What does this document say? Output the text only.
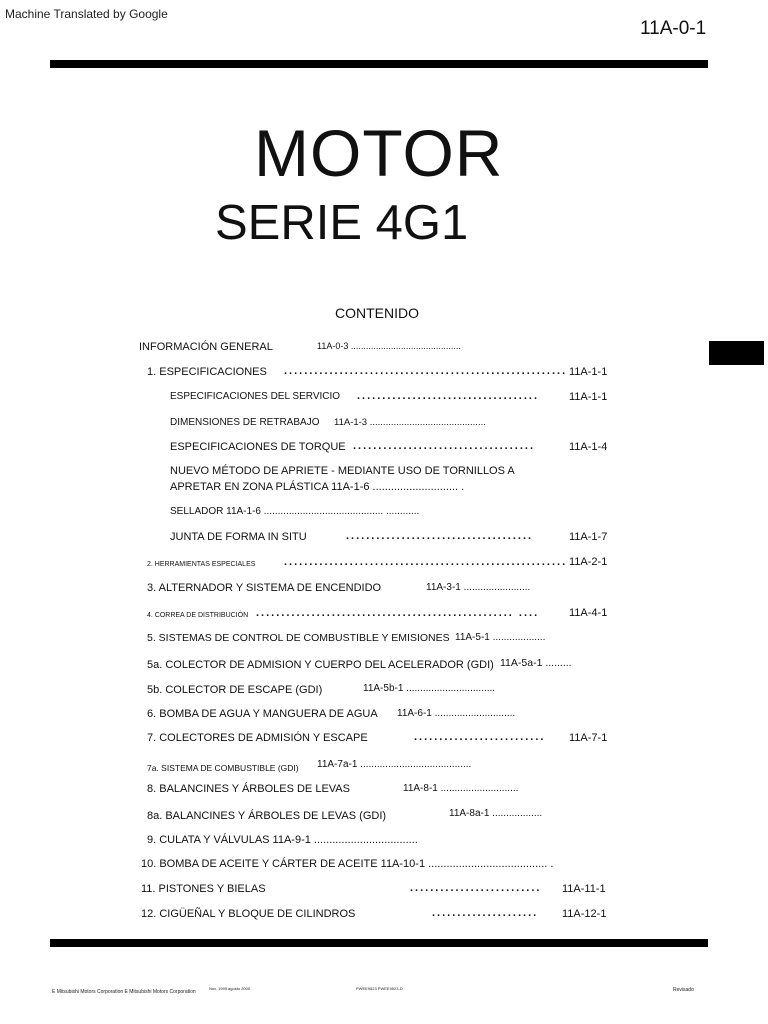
Machine Translated by Google
11A-0-1
MOTOR
SERIE 4G1
CONTENIDO
INFORMACIÓN GENERAL	11A-0-3 ............................................
1. ESPECIFICACIONES ........................................................ 11A-1-1
ESPECIFICACIONES DEL SERVICIO ....................................	11A-1-1
DIMENSIONES DE RETRABAJO 11A-1-3 ............................................
ESPECIFICACIONES DE TORQUE ....................................	11A-1-4
NUEVO MÉTODO DE APRIETE - MEDIANTE USO DE TORNILLOS A
APRETAR EN ZONA PLÁSTICA 11A-1-6 ............................ .
SELLADOR 11A-1-6 ........................................... ............
JUNTA DE FORMA IN SITU	.....................................	11A-1-7
2. HERRAMIENTAS ESPECIALES	........................................................ 11A-2-1
3. ALTERNADOR Y SISTEMA DE ENCENDIDO	11A-3-1 ........................
4. CORREA DE DISTRIBUCIÓN ................................................... ....	11A-4-1
5. SISTEMAS DE CONTROL DE COMBUSTIBLE Y EMISIONES 11A-5-1 ...................
5a. COLECTOR DE ADMISION Y CUERPO DEL ACELERADOR (GDI) 11A-5a-1 .........
5b. COLECTOR DE ESCAPE (GDI)	11A-5b-1 ................................
6. BOMBA DE AGUA Y MANGUERA DE AGUA 11A-6-1 .............................
7. COLECTORES DE ADMISIÓN Y ESCAPE	.......................... 11A-7-1
7a. SISTEMA DE COMBUSTIBLE (GDI) 11A-7a-1 ........................................
8. BALANCINES Y ÁRBOLES DE LEVAS	11A-8-1 ............................
8a. BALANCINES Y ÁRBOLES DE LEVAS (GDI)	11A-8a-1 ..................
9. CULATA Y VÁLVULAS 11A-9-1 ..................................
10. BOMBA DE ACEITE Y CÁRTER DE ACEITE 11A-10-1 ....................................... .
11. PISTONES Y BIELAS	.......................... 11A-11-1
12. CIGÜEÑAL Y BLOQUE DE CILINDROS	..................... 11A-12-1
E Mitsubishi Motors Corporation E Mitsubishi Motors Corporation
Nov. 1995 agosto 2000	PWEE9523 PWEE9523-D	Revisado
